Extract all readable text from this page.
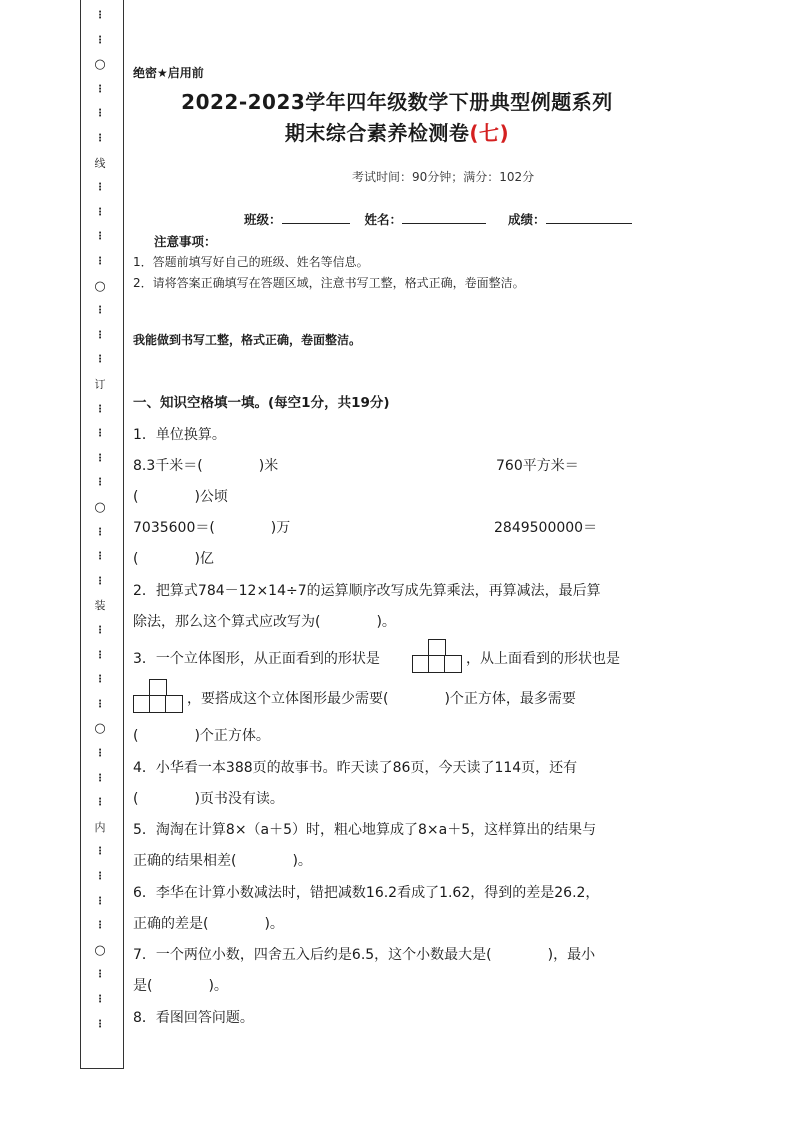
⋮
⋮
○
⋮
⋮
⋮
线
⋮
⋮
⋮
⋮
○
⋮
⋮
⋮
订
⋮
⋮
⋮
⋮
○
⋮
⋮
⋮
装
⋮
⋮
⋮
⋮
○
⋮
⋮
⋮
内
⋮
⋮
⋮
⋮
○
⋮
⋮
⋮
绝密★启用前
2022-2023学年四年级数学下册典型例题系列
期末综合素养检测卷(七)
考试时间：90分钟；满分：102分
班级：	姓名：	成绩：
注意事项：
1．答题前填写好自己的班级、姓名等信息。
2．请将答案正确填写在答题区域，注意书写工整，格式正确，卷面整洁。
我能做到书写工整，格式正确，卷面整洁。
一、知识空格填一填。(每空1分，共19分)
1．单位换算。
8.3千米＝(　　　　)米	760平方米＝
(　　　　)公顷
7035600＝(　　　　)万	2849500000＝
(　　　　)亿
2．把算式784－12×14÷7的运算顺序改写成先算乘法，再算减法，最后算
除法，那么这个算式应改写为(　　　　)。
3．一个立体图形，从正面看到的形状是	，从上面看到的形状也是
，要搭成这个立体图形最少需要(　　　　)个正方体，最多需要
(　　　　)个正方体。
4．小华看一本388页的故事书。昨天读了86页，今天读了114页，还有
(　　　　)页书没有读。
5．淘淘在计算8×（a＋5）时，粗心地算成了8×a＋5，这样算出的结果与
正确的结果相差(　　　　)。
6．李华在计算小数减法时，错把减数16.2看成了1.62，得到的差是26.2，
正确的差是(　　　　)。
7．一个两位小数，四舍五入后约是6.5，这个小数最大是(　　　　)，最小
是(　　　　)。
8．看图回答问题。
